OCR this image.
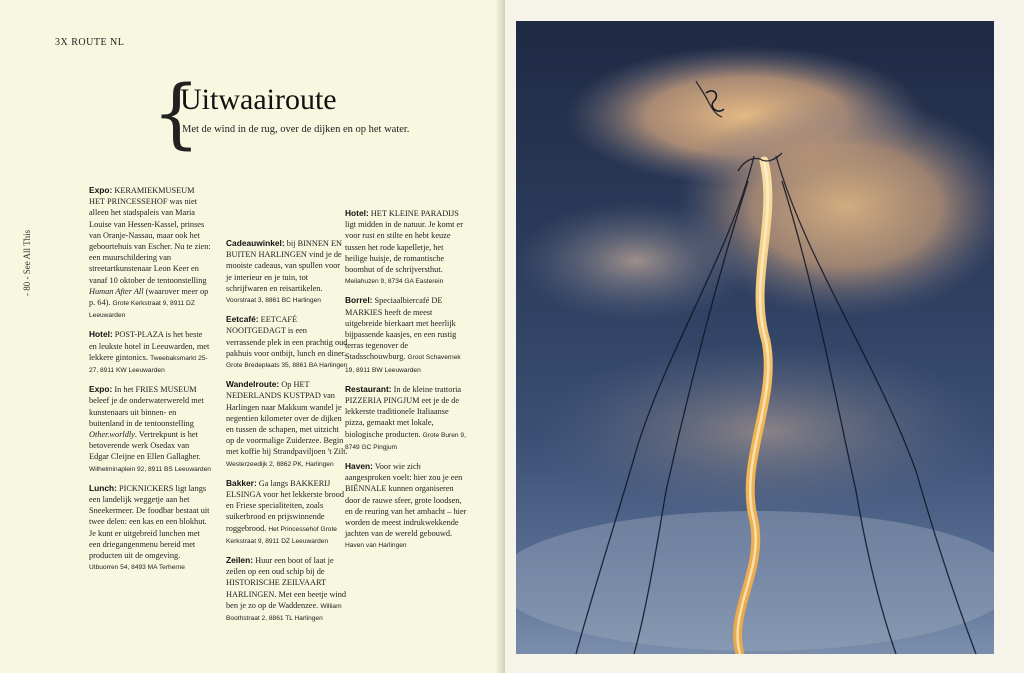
3X ROUTE NL
- 80 - See All This
{
Uitwaairoute
Met de wind in de rug, over de dijken en op het water.

Expo: KERAMIEKMUSEUM HET PRINCESSEHOF was niet alleen het stadspaleis van Maria Louise van Hessen-Kassel, prinses van Oranje-Nassau, maar ook het geboortehuis van Escher. Nu te zien: een muurschildering van streetartkunstenaar Leon Keer en vanaf 10 oktober de tentoonstelling Human After All (waarover meer op p. 64). Grote Kerkstraat 9, 8911 DZ Leeuwarden

Hotel: POST-PLAZA is het beste en leukste hotel in Leeuwarden, met lekkere gintonics. Tweebaksmarkt 25-27, 8911 KW Leeuwarden

Expo: In het FRIES MUSEUM beleef je de onderwaterwereld met kunstenaars uit binnen- en buitenland in de tentoonstelling Other.worldly. Vertrekpunt is het betoverende werk Osedax van Edgar Cleijne en Ellen Gallagher. Wilhelminaplein 92, 8911 BS Leeuwarden

Lunch: PICKNICKERS ligt langs een landelijk weggetje aan het Sneekermeer. De foodbar bestaat uit twee delen: een kas en een blokhut. Je kunt er uitgebreid lunchen met een driegangenmenu bereid met producten uit de omgeving. Utbuorren 54, 8493 MA Terherne

Cadeauwinkel: bij BINNEN EN BUITEN HARLINGEN vind je de mooiste cadeaus, van spullen voor je interieur en je tuin, tot schrijfwaren en reisartikelen. Voorstraat 3, 8861 BC Harlingen

Eetcafé: EETCAFÉ NOOITGEDAGT is een verrassende plek in een prachtig oud pakhuis voor ontbijt, lunch en diner. Grote Bredeplaats 35, 8861 BA Harlingen

Wandelroute: Op HET NEDERLANDS KUSTPAD van Harlingen naar Makkum wandel je negentien kilometer over de dijken en tussen de schapen, met uitzicht op de voormalige Zuiderzee. Begin met koffie bij Strandpaviljoen 't Zilt. Westerzeedijk 2, 8862 PK, Harlingen

Bakker: Ga langs BAKKERIJ ELSINGA voor het lekkerste brood en Friese specialiteiten, zoals suikerbrood en prijswinnende roggebrood. Het Princessehof Grote Kerkstraat 9, 8911 DZ Leeuwarden

Zeilen: Huur een boot of laat je zeilen op een oud schip bij de HISTORISCHE ZEILVAART HARLINGEN. Met een beetje wind ben je zo op de Waddenzee. William Boothstraat 2, 8861 TL Harlingen

Hotel: HET KLEINE PARADIJS ligt midden in de natuur. Je komt er voor rust en stilte en hebt keuze tussen het rode kapelletje, het heilige huisje, de romantische boomhut of de schrijversthut. Meilahuzen 9, 8734 GA Easterein

Borrel: Speciaalbiercafé DE MARKIES heeft de meest uitgebreide bierkaart met heerlijk bijpassende kaasjes, en een rustig terras tegenover de Stadsschouwburg. Groot Schavernek 19, 8911 BW Leeuwarden

Restaurant: In de kleine trattoria PIZZERIA PINGJUM eet je de de lekkerste traditionele Italiaanse pizza, gemaakt met lokale, biologische producten. Grote Buren 9, 8749 GC Pingjum

Haven: Voor wie zich aangesproken voelt: hier zou je een BIËNNALE kunnen organiseren door de rauwe sfeer, grote loodsen, en de reuring van het ambacht – hier worden de meest indrukwekkende jachten van de wereld gebouwd. Haven van Harlingen
